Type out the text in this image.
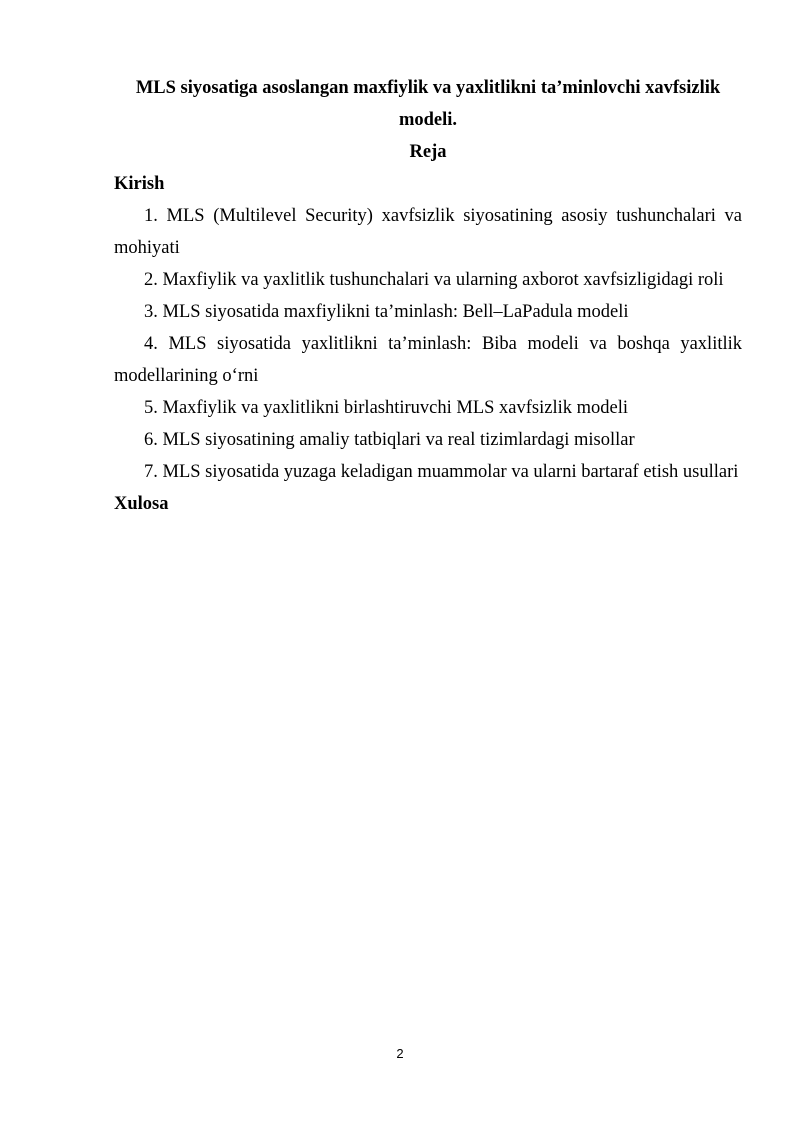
MLS siyosatiga asoslangan maxfiylik va yaxlitlikni ta’minlovchi xavfsizlik modeli.

Reja

Kirish

1. MLS (Multilevel Security) xavfsizlik siyosatining asosiy tushunchalari va mohiyati
2. Maxfiylik va yaxlitlik tushunchalari va ularning axborot xavfsizligidagi roli
3. MLS siyosatida maxfiylikni ta’minlash: Bell–LaPadula modeli
4. MLS siyosatida yaxlitlikni ta’minlash: Biba modeli va boshqa yaxlitlik modellarining o‘rni
5. Maxfiylik va yaxlitlikni birlashtiruvchi MLS xavfsizlik modeli
6. MLS siyosatining amaliy tatbiqlari va real tizimlardagi misollar
7. MLS siyosatida yuzaga keladigan muammolar va ularni bartaraf etish usullari

Xulosa

2
